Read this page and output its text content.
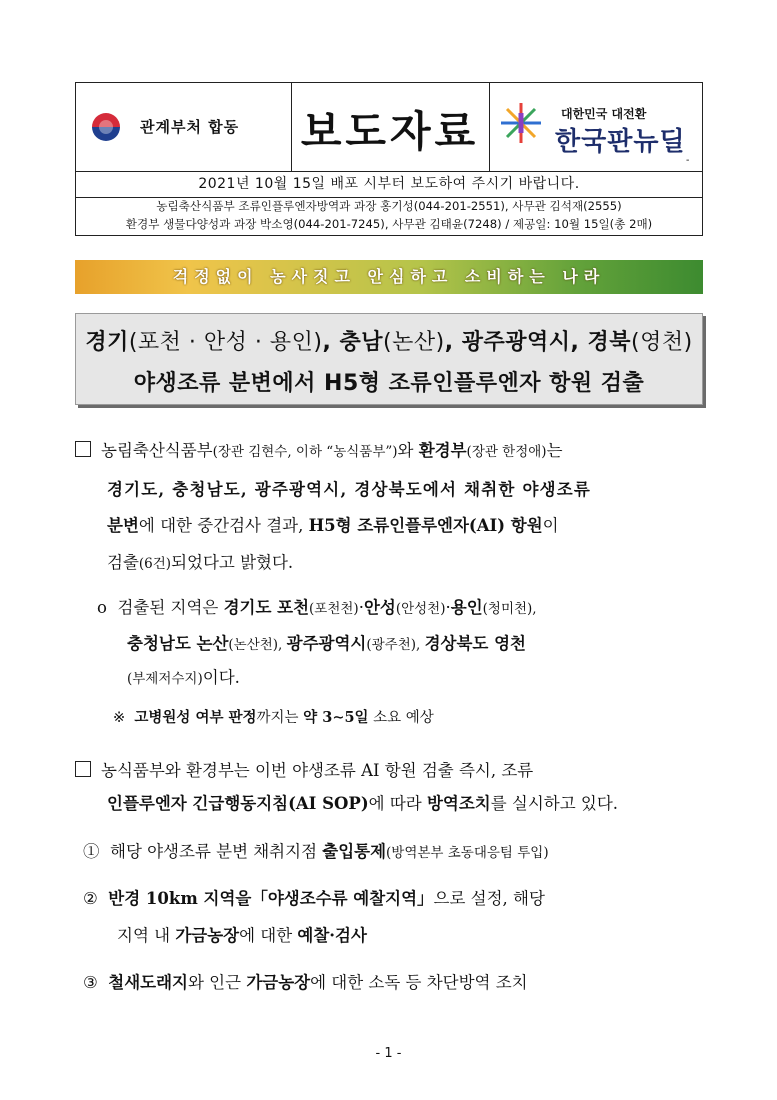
관계부처 합동 보도자료	대한민국 대전환
한국판뉴딜
-
2021년 10월 15일 배포 시부터 보도하여 주시기 바랍니다.
농림축산식품부 조류인플루엔자방역과 과장 홍기성(044-201-2551), 사무관 김석재(2555)
환경부 생물다양성과 과장 박소영(044-201-7245), 사무관 김태윤(7248) / 제공일: 10월 15일(총 2매)
걱정없이 농사짓고 안심하고 소비하는 나라
경기(포천 · 안성 · 용인), 충남(논산), 광주광역시, 경북(영천)
야생조류 분변에서 H5형 조류인플루엔자 항원 검출
농림축산식품부(장관 김현수, 이하 “농식품부”)와 환경부(장관 한정애)는
경기도, 충청남도, 광주광역시, 경상북도에서 채취한 야생조류
분변에 대한 중간검사 결과, H5형 조류인플루엔자(AI) 항원이
검출(6건)되었다고 밝혔다.
ο 검출된 지역은 경기도 포천(포천천)·안성(안성천)·용인(청미천),
충청남도 논산(논산천), 광주광역시(광주천), 경상북도 영천
(부제저수지)이다.
※ 고병원성 여부 판정까지는 약 3∼5일 소요 예상
농식품부와 환경부는 이번 야생조류 AI 항원 검출 즉시, 조류
인플루엔자 긴급행동지침(AI SOP)에 따라 방역조치를 실시하고 있다.
① 해당 야생조류 분변 채취지점 출입통제(방역본부 초동대응팀 투입)
② 반경 10km 지역을「야생조수류 예찰지역」으로 설정, 해당
지역 내 가금농장에 대한 예찰·검사
③ 철새도래지와 인근 가금농장에 대한 소독 등 차단방역 조치
- 1 -
